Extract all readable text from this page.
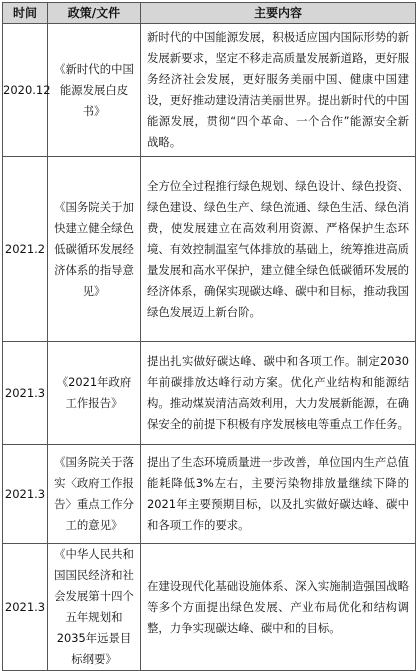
时间	政策/文件	主要内容
2020.12	《新时代的中国能源发展白皮书》	新时代的中国能源发展，积极适应国内国际形势的新发展新要求，坚定不移走高质量发展新道路，更好服务经济社会发展，更好服务美丽中国、健康中国建设，更好推动建设清洁美丽世界。提出新时代的中国能源发展，贯彻“四个革命、一个合作”能源安全新战略。
2021.2	《国务院关于加快建立健全绿色低碳循环发展经济体系的指导意见》	全方位全过程推行绿色规划、绿色设计、绿色投资、绿色建设、绿色生产、绿色流通、绿色生活、绿色消费，使发展建立在高效利用资源、严格保护生态环境、有效控制温室气体排放的基础上，统筹推进高质量发展和高水平保护，建立健全绿色低碳循环发展的经济体系，确保实现碳达峰、碳中和目标，推动我国绿色发展迈上新台阶。
2021.3	《2021年政府工作报告》	提出扎实做好碳达峰、碳中和各项工作。制定2030年前碳排放达峰行动方案。优化产业结构和能源结构。推动煤炭清洁高效利用，大力发展新能源，在确保安全的前提下积极有序发展核电等重点工作任务。
2021.3	《国务院关于落实〈政府工作报告〉重点工作分工的意见》	提出了生态环境质量进一步改善，单位国内生产总值能耗降低3%左右，主要污染物排放量继续下降的2021年主要预期目标，以及扎实做好碳达峰、碳中和各项工作的要求。
2021.3	《中华人民共和国国民经济和社会发展第十四个五年规划和2035年远景目标纲要》	在建设现代化基础设施体系、深入实施制造强国战略等多个方面提出绿色发展、产业布局优化和结构调整，力争实现碳达峰、碳中和的目标。
